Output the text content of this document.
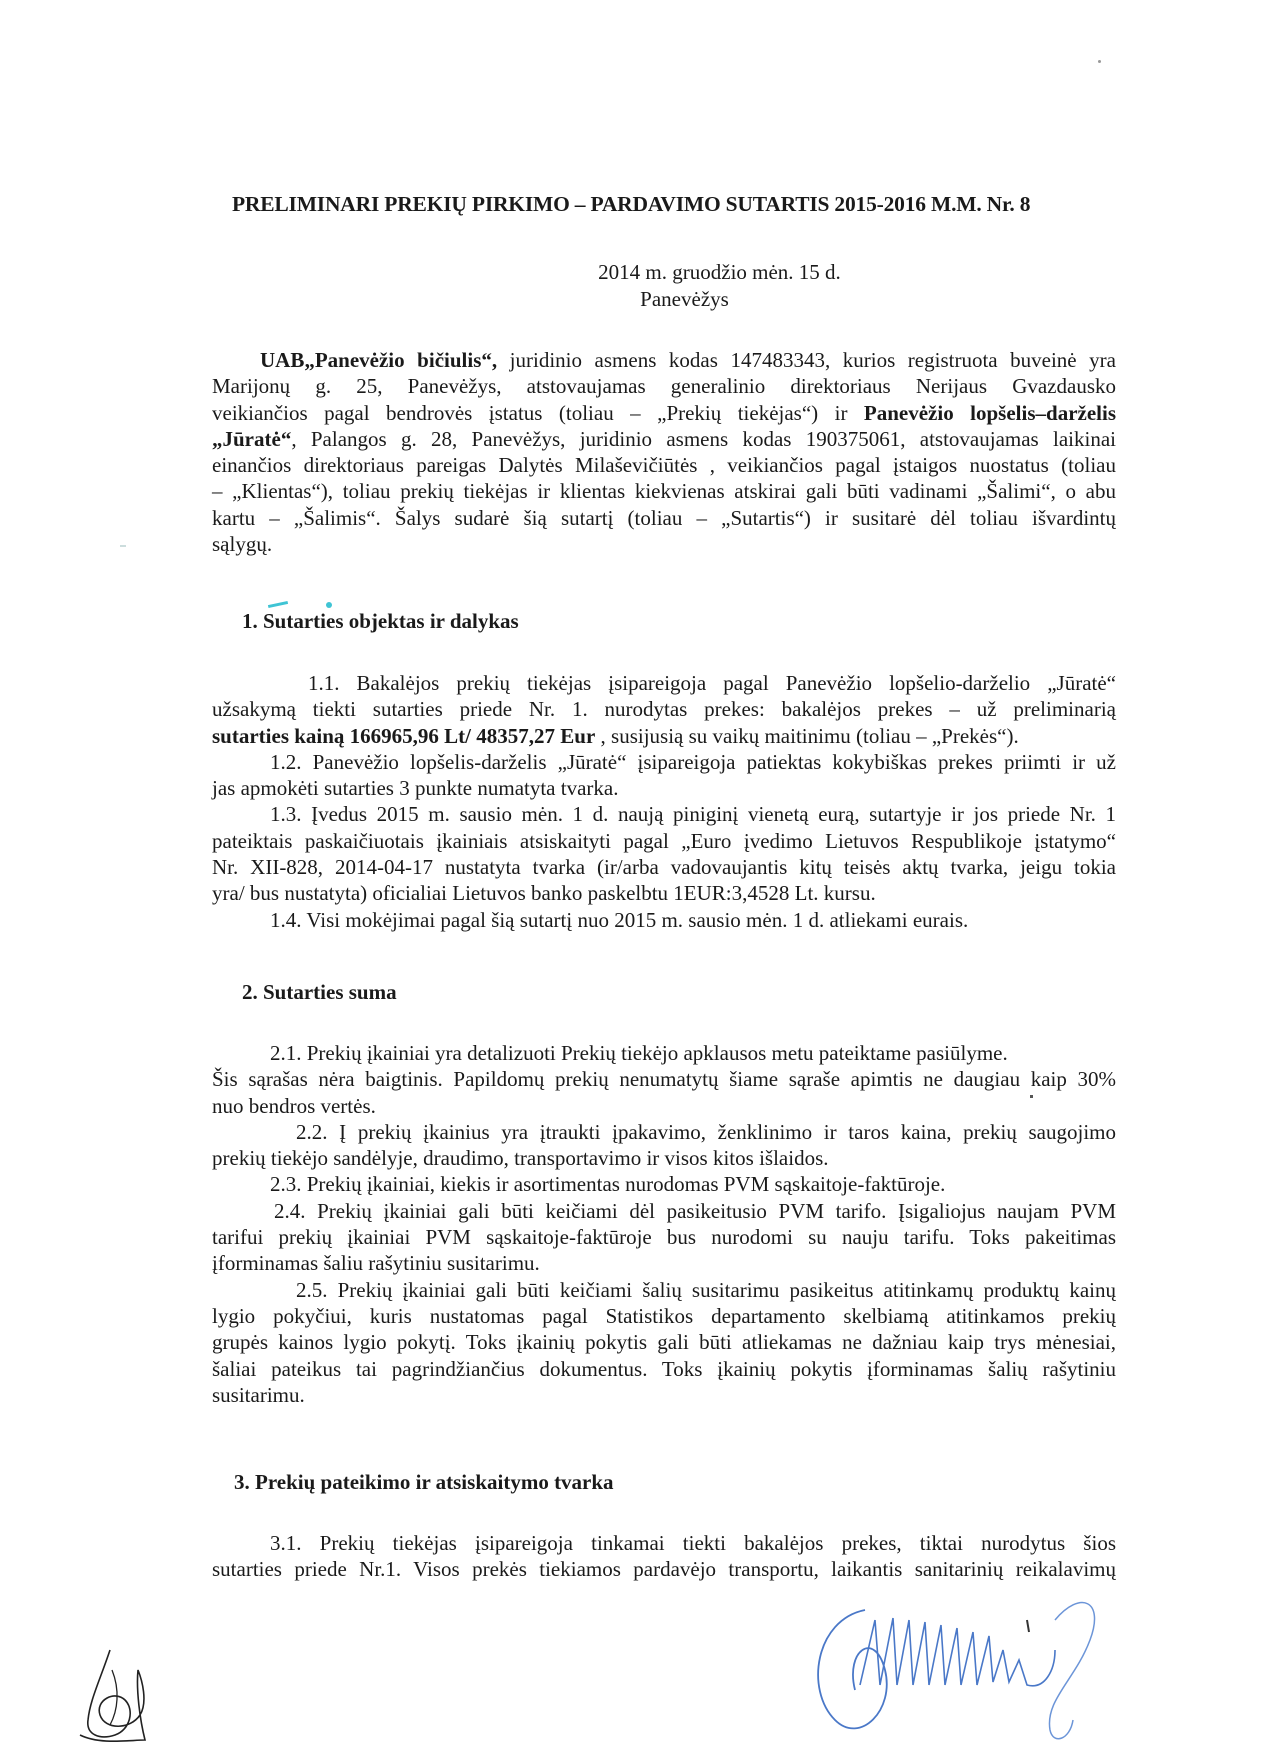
PRELIMINARI PREKIŲ PIRKIMO – PARDAVIMO SUTARTIS 2015-2016 M.M. Nr. 8
2014 m. gruodžio mėn. 15 d.
Panevėžys
UAB„Panevėžio bičiulis“, juridinio asmens kodas 147483343, kurios registruota buveinė yra
Marijonų g. 25, Panevėžys, atstovaujamas generalinio direktoriaus Nerijaus Gvazdausko
veikiančios pagal bendrovės įstatus (toliau – „Prekių tiekėjas“) ir Panevėžio lopšelis–darželis
„Jūratė“, Palangos g. 28, Panevėžys, juridinio asmens kodas 190375061, atstovaujamas laikinai
einančios direktoriaus pareigas Dalytės Milaševičiūtės , veikiančios pagal įstaigos nuostatus (toliau
– „Klientas“), toliau prekių tiekėjas ir klientas kiekvienas atskirai gali būti vadinami „Šalimi“, o abu
kartu – „Šalimis“. Šalys sudarė šią sutartį (toliau – „Sutartis“) ir susitarė dėl toliau išvardintų
sąlygų.
1. Sutarties objektas ir dalykas
1.1. Bakalėjos prekių tiekėjas įsipareigoja pagal Panevėžio lopšelio-darželio „Jūratė“
užsakymą tiekti sutarties priede Nr. 1. nurodytas prekes: bakalėjos prekes – už preliminarią
sutarties kainą 166965,96 Lt/ 48357,27 Eur , susijusią su vaikų maitinimu (toliau – „Prekės“).
1.2. Panevėžio lopšelis-darželis „Jūratė“ įsipareigoja patiektas kokybiškas prekes priimti ir už
jas apmokėti sutarties 3 punkte numatyta tvarka.
1.3. Įvedus 2015 m. sausio mėn. 1 d. naują piniginį vienetą eurą, sutartyje ir jos priede Nr. 1
pateiktais paskaičiuotais įkainiais atsiskaityti pagal „Euro įvedimo Lietuvos Respublikoje įstatymo“
Nr. XII-828, 2014-04-17 nustatyta tvarka (ir/arba vadovaujantis kitų teisės aktų tvarka, jeigu tokia
yra/ bus nustatyta) oficialiai Lietuvos banko paskelbtu 1EUR:3,4528 Lt. kursu.
1.4. Visi mokėjimai pagal šią sutartį nuo 2015 m. sausio mėn. 1 d. atliekami eurais.
2. Sutarties suma
2.1. Prekių įkainiai yra detalizuoti Prekių tiekėjo apklausos metu pateiktame pasiūlyme.
Šis sąrašas nėra baigtinis. Papildomų prekių nenumatytų šiame sąraše apimtis ne daugiau kaip 30%
nuo bendros vertės.
2.2. Į prekių įkainius yra įtraukti įpakavimo, ženklinimo ir taros kaina, prekių saugojimo
prekių tiekėjo sandėlyje, draudimo, transportavimo ir visos kitos išlaidos.
2.3. Prekių įkainiai, kiekis ir asortimentas nurodomas PVM sąskaitoje-faktūroje.
2.4. Prekių įkainiai gali būti keičiami dėl pasikeitusio PVM tarifo. Įsigaliojus naujam PVM
tarifui prekių įkainiai PVM sąskaitoje-faktūroje bus nurodomi su nauju tarifu. Toks pakeitimas
įforminamas šaliu rašytiniu susitarimu.
2.5. Prekių įkainiai gali būti keičiami šalių susitarimu pasikeitus atitinkamų produktų kainų
lygio pokyčiui, kuris nustatomas pagal Statistikos departamento skelbiamą atitinkamos prekių
grupės kainos lygio pokytį. Toks įkainių pokytis gali būti atliekamas ne dažniau kaip trys mėnesiai,
šaliai pateikus tai pagrindžiančius dokumentus. Toks įkainių pokytis įforminamas šalių rašytiniu
susitarimu.
3. Prekių pateikimo ir atsiskaitymo tvarka
3.1. Prekių tiekėjas įsipareigoja tinkamai tiekti bakalėjos prekes, tiktai nurodytus šios
sutarties priede Nr.1. Visos prekės tiekiamos pardavėjo transportu, laikantis sanitarinių reikalavimų
